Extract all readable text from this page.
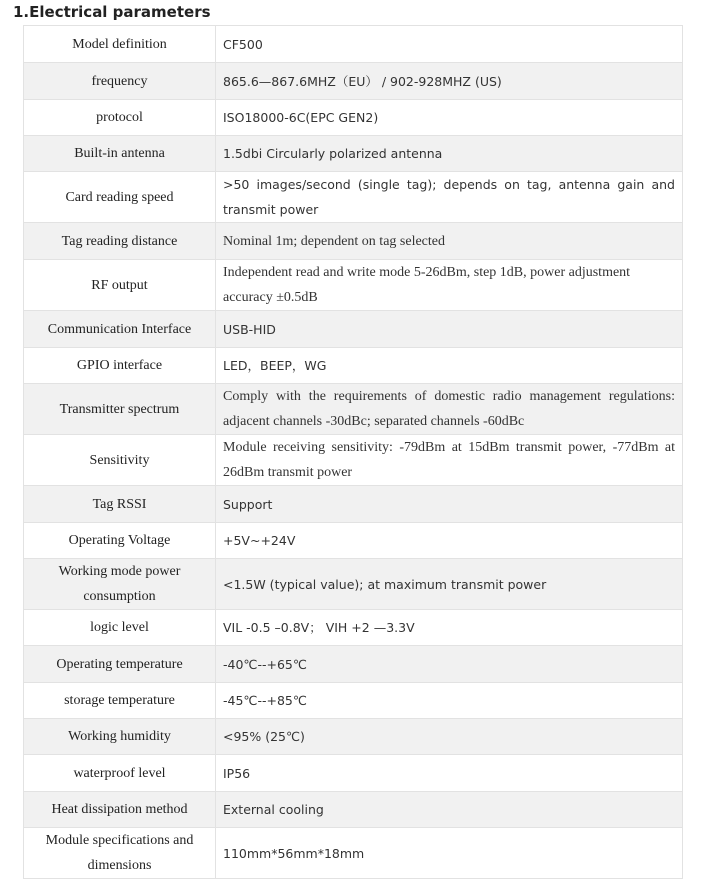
1.Electrical parameters
Model definition	CF500
frequency	865.6—867.6MHZ（EU） / 902-928MHZ (US)
protocol	ISO18000-6C(EPC GEN2)
Built-in antenna	1.5dbi Circularly polarized antenna
Card reading speed	>50 images/second (single tag); depends on tag, antenna gain and transmit power
Tag reading distance	Nominal 1m; dependent on tag selected
RF output	Independent read and write mode 5-26dBm, step 1dB, power adjustment accuracy ±0.5dB
Communication Interface	USB-HID
GPIO interface	LED，BEEP，WG
Transmitter spectrum	Comply with the requirements of domestic radio management regulations: adjacent channels -30dBc; separated channels -60dBc
Sensitivity	Module receiving sensitivity: -79dBm at 15dBm transmit power, -77dBm at 26dBm transmit power
Tag RSSI	Support
Operating Voltage	+5V~+24V
Working mode power consumption	<1.5W (typical value); at maximum transmit power
logic level	VIL -0.5 –0.8V； VIH +2 —3.3V
Operating temperature	-40℃--+65℃
storage temperature	-45℃--+85℃
Working humidity	<95% (25℃)
waterproof level	IP56
Heat dissipation method	External cooling
Module specifications and dimensions	110mm*56mm*18mm
